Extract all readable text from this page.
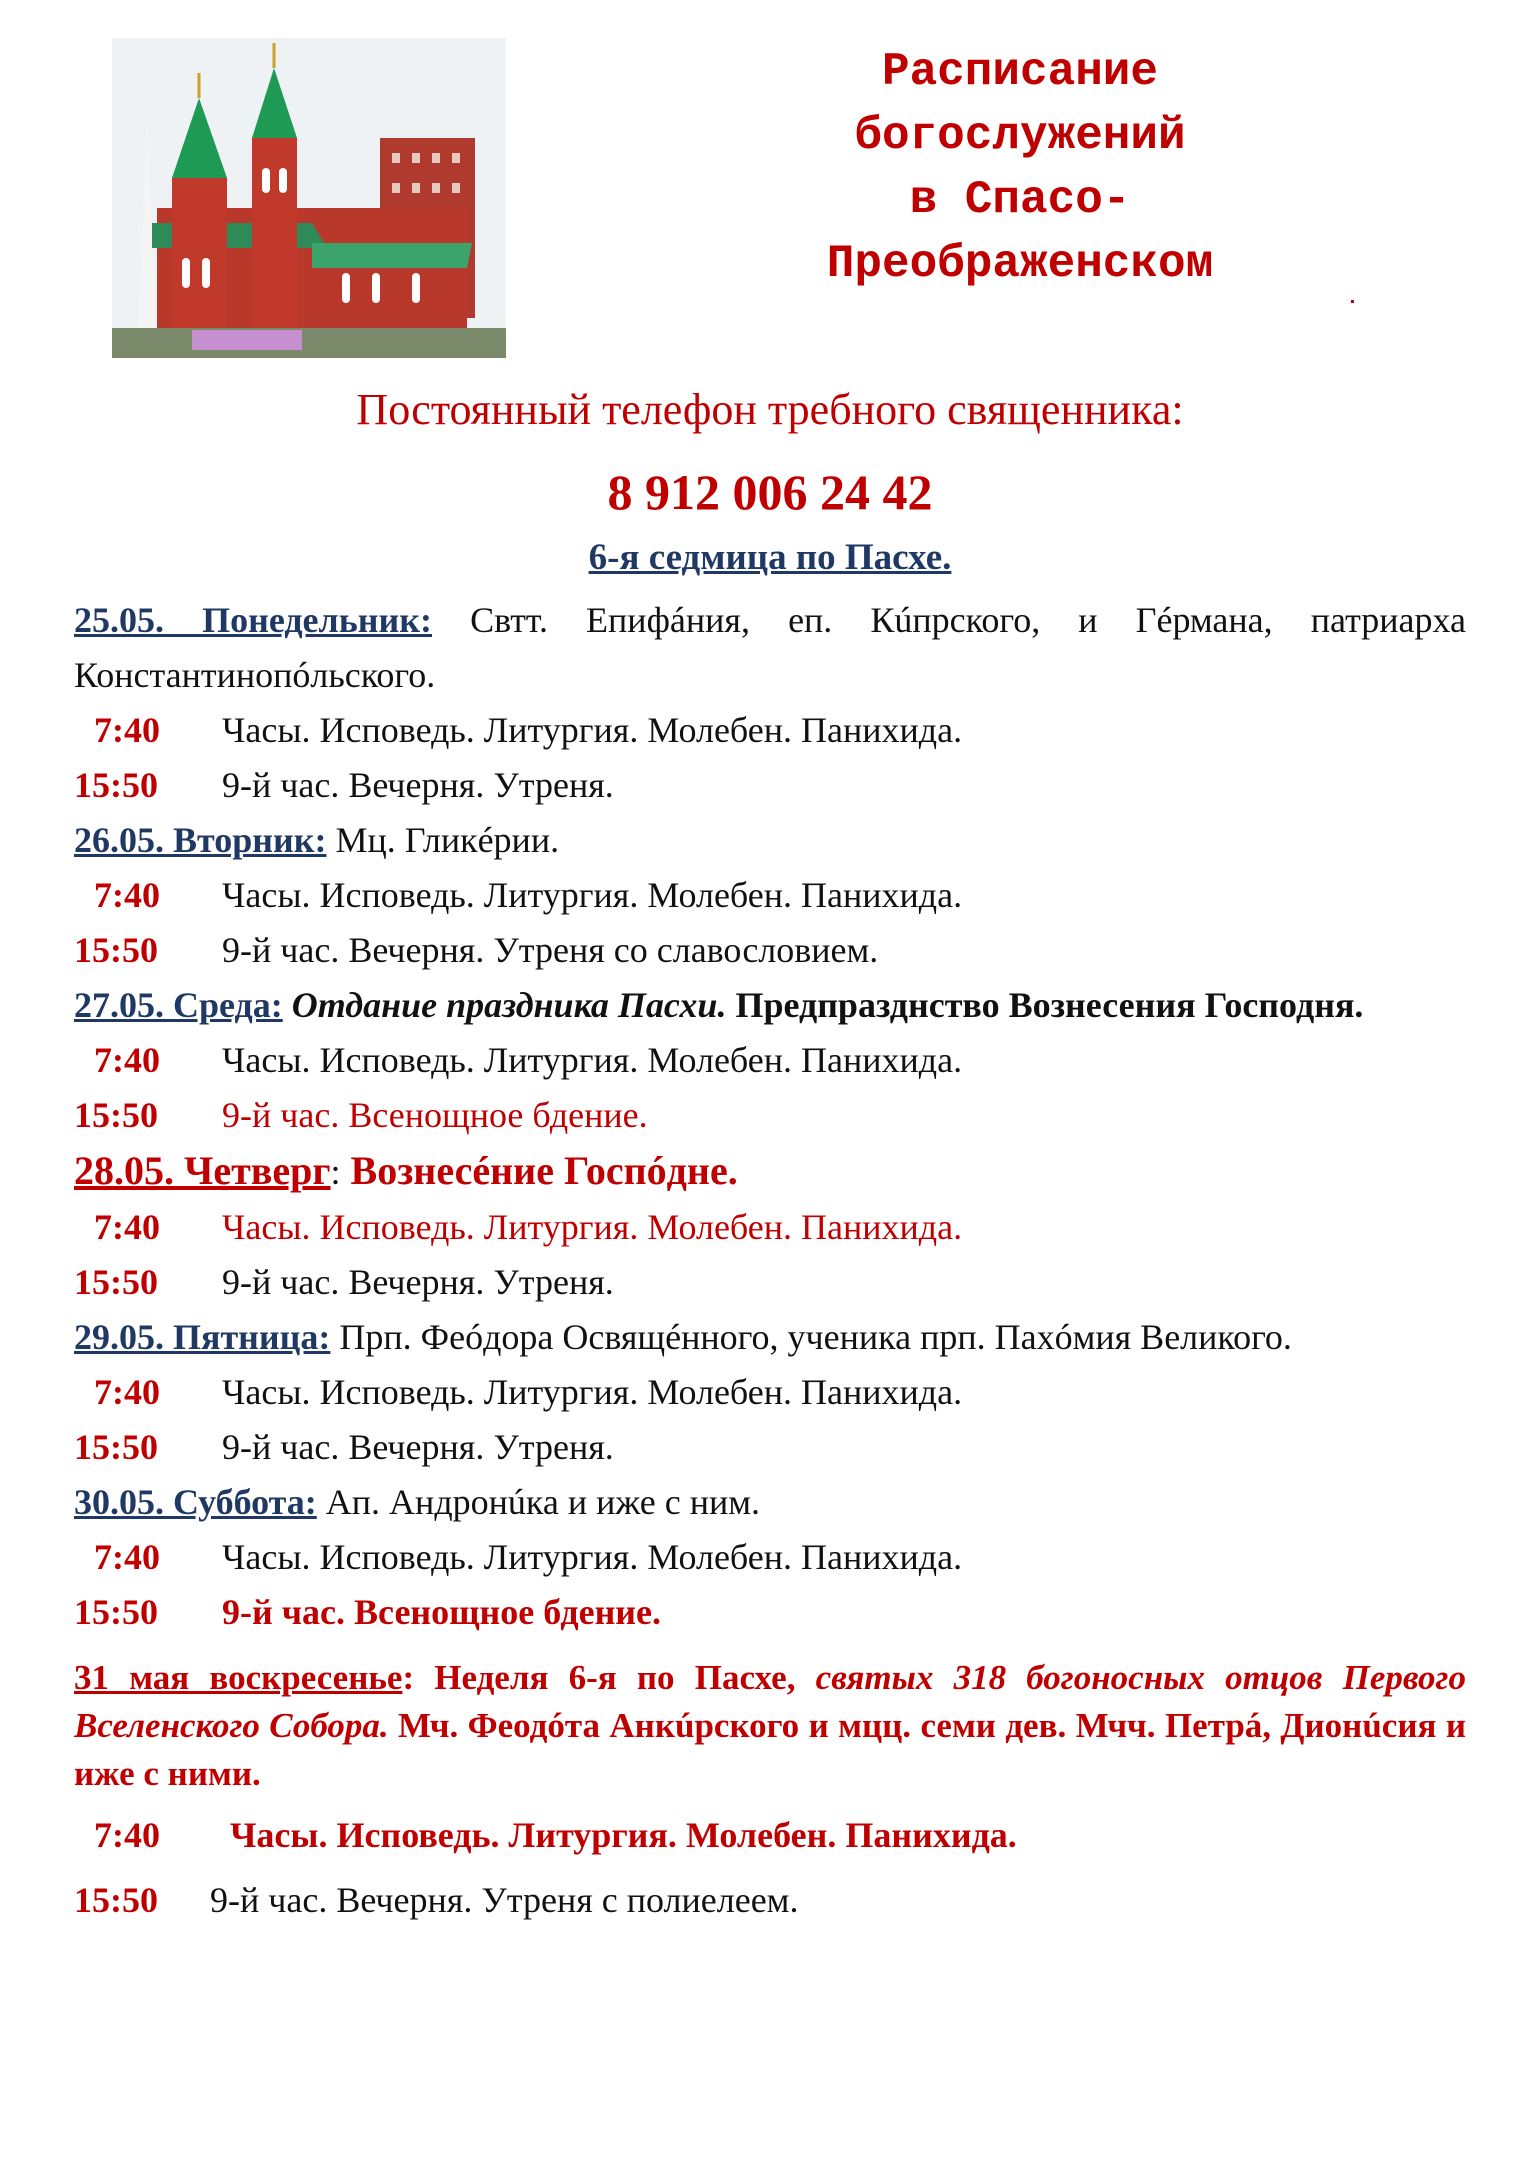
Расписание
богослужений
в Спасо-
Преображенском
Постоянный телефон требного священника:
8 912 006 24 42
6-я седмица по Пасхе.
25.05. Понедельник: Свтт. Епифáния, еп. Кúпрского, и Гéрмана, патриарха Константинопóльского.
7:40	Часы. Исповедь. Литургия. Молебен. Панихида.
15:50	9-й час. Вечерня. Утреня.
26.05. Вторник: Мц. Гликéрии.
7:40	Часы. Исповедь. Литургия. Молебен. Панихида.
15:50	9-й час. Вечерня. Утреня со славословием.
27.05. Среда: Отдание праздника Пасхи. Предпразднство Вознесения Господня.
7:40	Часы. Исповедь. Литургия. Молебен. Панихида.
15:50	9-й час. Всенощное бдение.
28.05. Четверг: Вознесéние Госпóдне.
7:40	Часы. Исповедь. Литургия. Молебен. Панихида.
15:50	9-й час. Вечерня. Утреня.
29.05. Пятница: Прп. Феóдора Освящéнного, ученика прп. Пахóмия Великого.
7:40	Часы. Исповедь. Литургия. Молебен. Панихида.
15:50	9-й час. Вечерня. Утреня.
30.05. Суббота: Ап. Андронúка и иже с ним.
7:40	Часы. Исповедь. Литургия. Молебен. Панихида.
15:50	9-й час. Всенощное бдение.
31 мая воскресенье: Неделя 6-я по Пасхе, святых 318 богоносных отцов Первого Вселенского Собора. Мч. Феодóта Анкúрского и мцц. семи дев. Мчч. Петрá, Дионúсия и иже с ними.
7:40	Часы. Исповедь. Литургия. Молебен. Панихида.
15:50	9-й час. Вечерня. Утреня с полиелеем.
